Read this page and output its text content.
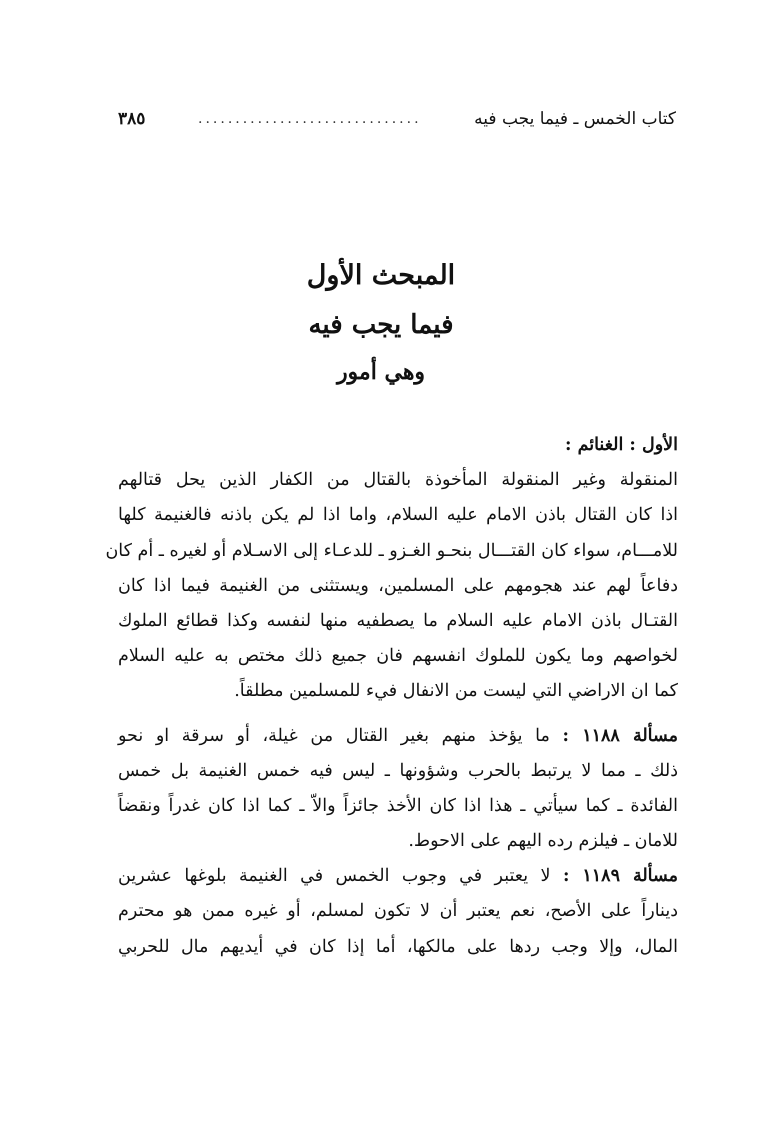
كتاب الخمس ـ فيما يجب فيه
..............................
٣٨٥
المبحث الأول
فيما يجب فيه
وهي أمور
الأول : الغنائم :
المنقولة وغير المنقولة المأخوذة بالقتال من الكفار الذين يحل قتالهم
اذا كان القتال باذن الامام عليه السلام، واما اذا لم يكن باذنه فالغنيمة كلها
للامـــام، سواء كان القتـــال بنحـو الغـزو ـ للدعـاء إلى الاسـلام أو لغيره ـ أم كان
دفاعاً لهم عند هجومهم على المسلمين، ويستثنى من الغنيمة فيما اذا كان
القتـال باذن الامام عليه السلام ما يصطفيه منها لنفسه وكذا قطائع الملوك
لخواصهم وما يكون للملوك انفسهم فان جميع ذلك مختص به عليه السلام
كما ان الاراضي التي ليست من الانفال فيء للمسلمين مطلقاً.
مسألة ١١٨٨ : ما يؤخذ منهم بغير القتال من غيلة، أو سرقة او نحو
ذلك ـ مما لا يرتبط بالحرب وشؤونها ـ ليس فيه خمس الغنيمة بل خمس
الفائدة ـ كما سيأتي ـ هذا اذا كان الأخذ جائزاً والاّ ـ كما اذا كان غدراً ونقضاً
للامان ـ فيلزم رده اليهم على الاحوط.
مسألة ١١٨٩ : لا يعتبر في وجوب الخمس في الغنيمة بلوغها عشرين
ديناراً على الأصح، نعم يعتبر أن لا تكون لمسلم، أو غيره ممن هو محترم
المال، وإلا وجب ردها على مالكها، أما إذا كان في أيديهم مال للحربي
